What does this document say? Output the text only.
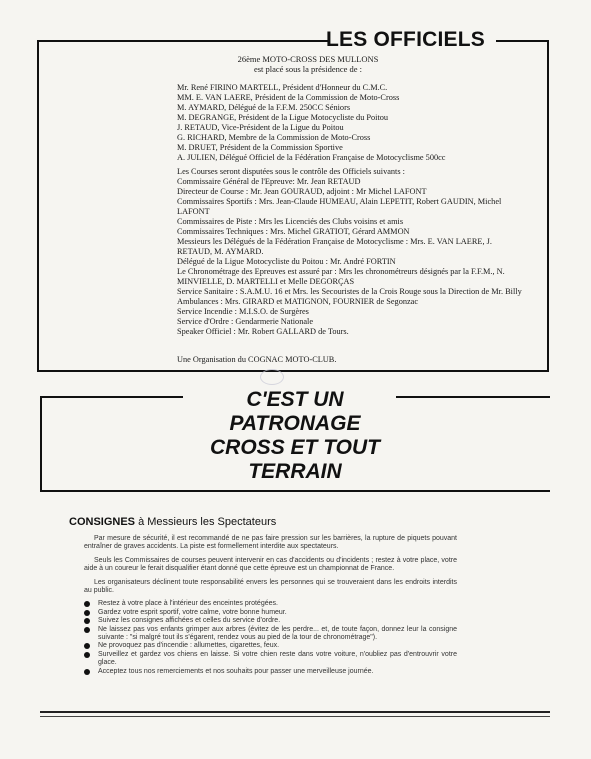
LES OFFICIELS
26ème MOTO-CROSS DES MULLONS
est placé sous la présidence de :
Mr. René FIRINO MARTELL, Président d'Honneur du C.M.C.
MM. E. VAN LAERE, Président de la Commission de Moto-Cross
M. AYMARD, Délégué de la F.F.M. 250CC Séniors
M. DEGRANGE, Président de la Ligue Motocycliste du Poitou
J. RETAUD, Vice-Président de la Ligue du Poitou
G. RICHARD, Membre de la Commission de Moto-Cross
M. DRUET, Président de la Commission Sportive
A. JULIEN, Délégué Officiel de la Fédération Française de Motocyclisme 500cc
Les Courses seront disputées sous le contrôle des Officiels suivants :
Commissaire Général de l'Epreuve: Mr. Jean RETAUD
Directeur de Course : Mr. Jean GOURAUD, adjoint : Mr Michel LAFONT
Commissaires Sportifs : Mrs. Jean-Claude HUMEAU, Alain LEPETIT, Robert GAUDIN, Michel LAFONT
Commissaires de Piste : Mrs les Licenciés des Clubs voisins et amis
Commissaires Techniques : Mrs. Michel GRATIOT, Gérard AMMON
Messieurs les Délégués de la Fédération Française de Motocyclisme : Mrs. E. VAN LAERE, J. RETAUD, M. AYMARD.
Délégué de la Ligue Motocycliste du Poitou : Mr. André FORTIN
Le Chronométrage des Epreuves est assuré par : Mrs les chronométreurs désignés par la F.F.M., N. MINVIELLE, D. MARTELLI et Melle DEGORÇAS
Service Sanitaire : S.A.M.U. 16 et Mrs. les Secouristes de la Crois Rouge sous la Direction de Mr. Billy
Ambulances : Mrs. GIRARD et MATIGNON, FOURNIER de Segonzac
Service Incendie : M.I.S.O. de Surgères
Service d'Ordre : Gendarmerie Nationale
Speaker Officiel : Mr. Robert GALLARD de Tours.
Une Organisation du COGNAC MOTO-CLUB.
C'EST UN
PATRONAGE
CROSS ET TOUT
TERRAIN
CONSIGNES à Messieurs les Spectateurs

Par mesure de sécurité, il est recommandé de ne pas faire pression sur les barrières, la rupture de piquets pouvant entraîner de graves accidents. La piste est formellement interdite aux spectateurs.

Seuls les Commissaires de courses peuvent intervenir en cas d'accidents ou d'incidents ; restez à votre place, votre aide à un coureur le ferait disqualifier étant donné que cette épreuve est un championnat de France.

Les organisateurs déclinent toute responsabilité envers les personnes qui se trouveraient dans les endroits interdits au public.

Restez à votre place à l'intérieur des enceintes protégées.
Gardez votre esprit sportif, votre calme, votre bonne humeur.
Suivez les consignes affichées et celles du service d'ordre.
Ne laissez pas vos enfants grimper aux arbres (évitez de les perdre... et, de toute façon, donnez leur la consigne suivante : "si malgré tout ils s'égarent, rendez vous au pied de la tour de chronométrage").
Ne provoquez pas d'incendie : allumettes, cigarettes, feux.
Surveillez et gardez vos chiens en laisse. Si votre chien reste dans votre voiture, n'oubliez pas d'entrouvrir votre glace.
Acceptez tous nos remerciements et nos souhaits pour passer une merveilleuse journée.
